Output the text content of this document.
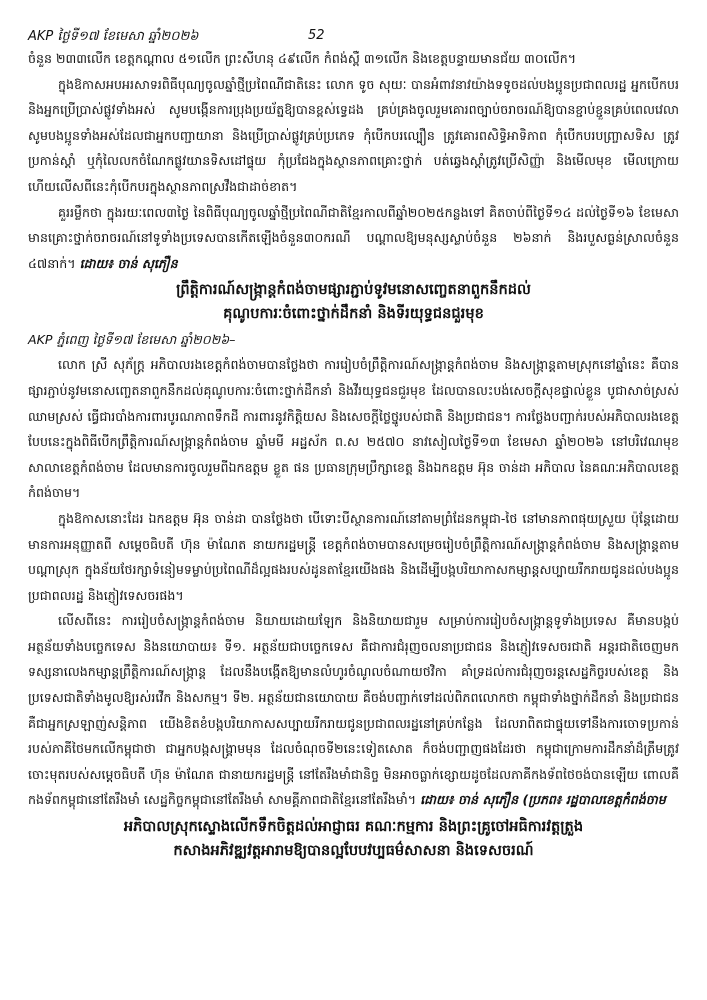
AKP ថ្ងៃទី១៧ ខែមេសា ឆ្នាំ២០២៦	52

ចំនួន ២៣៣លើក ខេត្តកណ្ដាល ៥១លើក ព្រះសីហនុ ៤៩លើក កំពង់ស្ពឺ ៣១លើក និងខេត្តបន្ទាយមានជ័យ ៣០លើក។

ក្នុងឱកាសអបអរសាទរពិធីបុណ្យចូលឆ្នាំថ្មីប្រពៃណីជាតិនេះ លោក ទូច សុយៈ បានអំពាវនាវយ៉ាងទទូចដល់បងប្អូនប្រជាពលរដ្ឋ អ្នកបើកបរ និងអ្នកប្រើប្រាស់ផ្លូវទាំងអស់ សូមបង្កើនការប្រុងប្រយ័ត្នឱ្យបានខ្ពស់ទ្វេដង គ្រប់គ្រងចូលរួមគោរពច្បាប់ចរាចរណ៍ឱ្យបានខ្ជាប់ខ្ជួនគ្រប់ពេលវេលា សូមបងប្អូនទាំងអស់ដែលជាអ្នកបញ្ជាយានា និងប្រើប្រាស់ផ្លូវគ្រប់ប្រភេទ កុំបើកបរល្បឿន ត្រូវគោរពសិទ្ធិអាទិភាព កុំបើកបរបញ្ច្រាសទិស ត្រូវប្រកាន់ស្ដាំ ឬកុំលៃលកចំណែកផ្លូវយានទិសដៅផ្ទុយ កុំប្រជែងក្នុងស្ថានភាពគ្រោះថ្នាក់ បត់ឆ្វេងស្ដាំត្រូវប្រើសិញ្ញ៉ា និងមើលមុខ មើលក្រោយ ហើយលើសពីនេះកុំបើកបរក្នុងស្ថានភាពស្រវឹងជាដាច់ខាត។

គួររម្លឹកថា ក្នុងរយៈពេល៣ថ្ងៃ នៃពិធីបុណ្យចូលឆ្នាំថ្មីប្រពៃណីជាតិខ្មែរកាលពីឆ្នាំ២០២៥កន្លងទៅ គិតចាប់ពីថ្ងៃទី១៤ ដល់ថ្ងៃទី១៦ ខែមេសា មានគ្រោះថ្នាក់ចរាចរណ៍នៅទូទាំងប្រទេសបានកើតឡើងចំនួន៣០ករណី បណ្ដាលឱ្យមនុស្សស្លាប់ចំនួន ២៦នាក់ និងរបួសធ្ងន់ស្រាលចំនួន ៤៧នាក់។ ដោយ៖ ចាន់ សុភឿន

ព្រឹត្តិការណ៍សង្ក្រាន្តកំពង់ចាមផ្សារភ្ជាប់ទូវមនោសញ្ចេតនាពួកនឹកដល់
គុណូបការៈចំពោះថ្នាក់ដឹកនាំ និងទីរយុទ្ធជនជួរមុខ
AKP ភ្នំពេញ ថ្ងៃទី១៧ ខែមេសា ឆ្នាំ២០២៦–

លោក ស្រី សុភ័ក្ត្រ អភិបាលរងខេត្តកំពង់ចាមបានថ្លែងថា ការរៀបចំព្រឹត្តិការណ៍សង្ក្រាន្តកំពង់ចាម និងសង្ក្រាន្តតាមស្រុកនៅឆ្នាំនេះ គឺបានផ្សារភ្ជាប់នូវមនោសញ្ចេតនាពួកនឹកដល់គុណូបការៈចំពោះថ្នាក់ដឹកនាំ និងវីរយុទ្ធជនជួរមុខ ដែលបានលះបង់សេចក្ដីសុខផ្ទាល់ខ្លួន បូជាសាច់ស្រស់ ឈាមស្រស់ ធ្វើជារបាំងការពារបូរណភាពទឹកដី ការពារនូវកិត្តិយស និងសេចក្ដីថ្លៃថ្នូរបស់ជាតិ និងប្រជាជន។ ការថ្លែងបញ្ជាក់របស់អភិបាលរងខេត្តបែបនេះក្នុងពិធីបើកព្រឹត្តិការណ៍សង្ក្រាន្តកំពង់ចាម ឆ្នាំមមី អដ្ឋស័ក ព.ស ២៥៧០ នាវសៀលថ្ងៃទី១៣ ខែមេសា ឆ្នាំ២០២៦ នៅបរិវេណមុខសាលាខេត្តកំពង់ចាម ដែលមានការចូលរួមពីឯកឧត្ដម ខ្លួត ផន ប្រធានក្រុមប្រឹក្សាខេត្ត និងឯកឧត្ដម អ៊ុន ចាន់ដា អភិបាល នៃគណៈអភិបាលខេត្តកំពង់ចាម។

ក្នុងឱកាសនោះដែរ ឯកឧត្ដម អ៊ុន ចាន់ដា បានថ្លែងថា បើទោះបីស្ថានការណ៍នៅតាមព្រំដែនកម្ពុជា-ថៃ នៅមានភាពផុយស្រួយ ប៉ុន្តែដោយមានការអនុញ្ញាតពី សម្ដេចធិបតី ហ៊ុន ម៉ាណែត នាយករដ្ឋមន្ត្រី ខេត្តកំពង់ចាមបានសម្រេចរៀបចំព្រឹត្តិការណ៍សង្ក្រាន្តកំពង់ចាម និងសង្ក្រាន្តតាមបណ្ដាស្រុក ក្នុងន័យថែរក្សាទំនៀមទម្លាប់ប្រពៃណីដ៏ល្អផងរបស់ដូនតាខ្មែរយើងផង និងដើម្បីបង្កបរិយាកាសកម្សាន្តសប្បាយរីករាយជូនដល់បងប្អូនប្រជាពលរដ្ឋ និងភ្ញៀវទេសចរផង។

លើសពីនេះ ការរៀបចំសង្ក្រាន្តកំពង់ចាម និយាយដោយឡែក និងនិយាយជារួម សម្រាប់ការរៀបចំសង្ក្រាន្តទូទាំងប្រទេស គឺមានបង្កប់អត្ថន័យទាំងបច្ចេកទេស និងនយោបាយ៖ ទី១. អត្ថន័យជាបច្ចេកទេស គឺជាការជំរុញចលនាប្រជាជន និងភ្ញៀវទេសចរជាតិ អន្តរជាតិចេញមកទស្សនាលេងកម្សាន្តព្រឹត្តិការណ៍សង្ក្រាន្ត ដែលនឹងបង្កើតឱ្យមានលំហូរចំណូលចំណាយថវិកា គាំទ្រដល់ការជំរុញចរន្តសេដ្ឋកិច្ចរបស់ខេត្ត និងប្រទេសជាតិទាំងមូលឱ្យរស់រវើក និងសកម្ម។ ទី២. អត្ថន័យជានយោបាយ គឺចង់បញ្ជាក់ទៅដល់ពិភពលោកថា កម្ពុជាទាំងថ្នាក់ដឹកនាំ និងប្រជាជន គឺជាអ្នកស្រឡាញ់សន្តិភាព យើងខិតខំបង្កបរិយាកាសសប្បាយរីករាយជូនប្រជាពលរដ្ឋនៅគ្រប់កន្លែង ដែលរាពិតជាផ្ទុយទៅនឹងការចោទប្រកាន់របស់ភាគីថៃមកលើកម្ពុជាថា ជាអ្នកបង្កសង្គ្រាមមុន ដែលចំណុចទី២នេះទៀតសោត ក៏ចង់បញ្ជាញផងដែរថា កម្ពុជាក្រោមការដឹកនាំដ៏ត្រឹមត្រូវ ចោះមុតរបស់សម្ដេចធិបតី ហ៊ុន ម៉ាណែត ជានាយករដ្ឋមន្ត្រី នៅតែរឹងមាំជានិច្ច មិនអាចធ្លាក់ខ្សោយដូចដែលភាគីកងទ័ពថៃចង់បានឡើយ ពោលគឺកងទ័ពកម្ពុជានៅតែរឹងមាំ សេដ្ឋកិច្ចកម្ពុជានៅតែរឹងមាំ សាមគ្គីភាពជាតិខ្មែរនៅតែរឹងមាំ។ ដោយ៖ ចាន់ សុភឿន (ប្រភព៖ រដ្ឋបាលខេត្តកំពង់ចាម

អភិបាលស្រុកស្ទោងលើកទឹកចិត្តដល់អាជ្ញាធរ គណៈកម្មការ និងព្រះគ្រូចៅអធិការវត្តត្រួង
កសាងអភិវឌ្ឍវត្តអារាមឱ្យបានល្អបែបវប្បធម៌សាសនា និងទេសចរណ៍
